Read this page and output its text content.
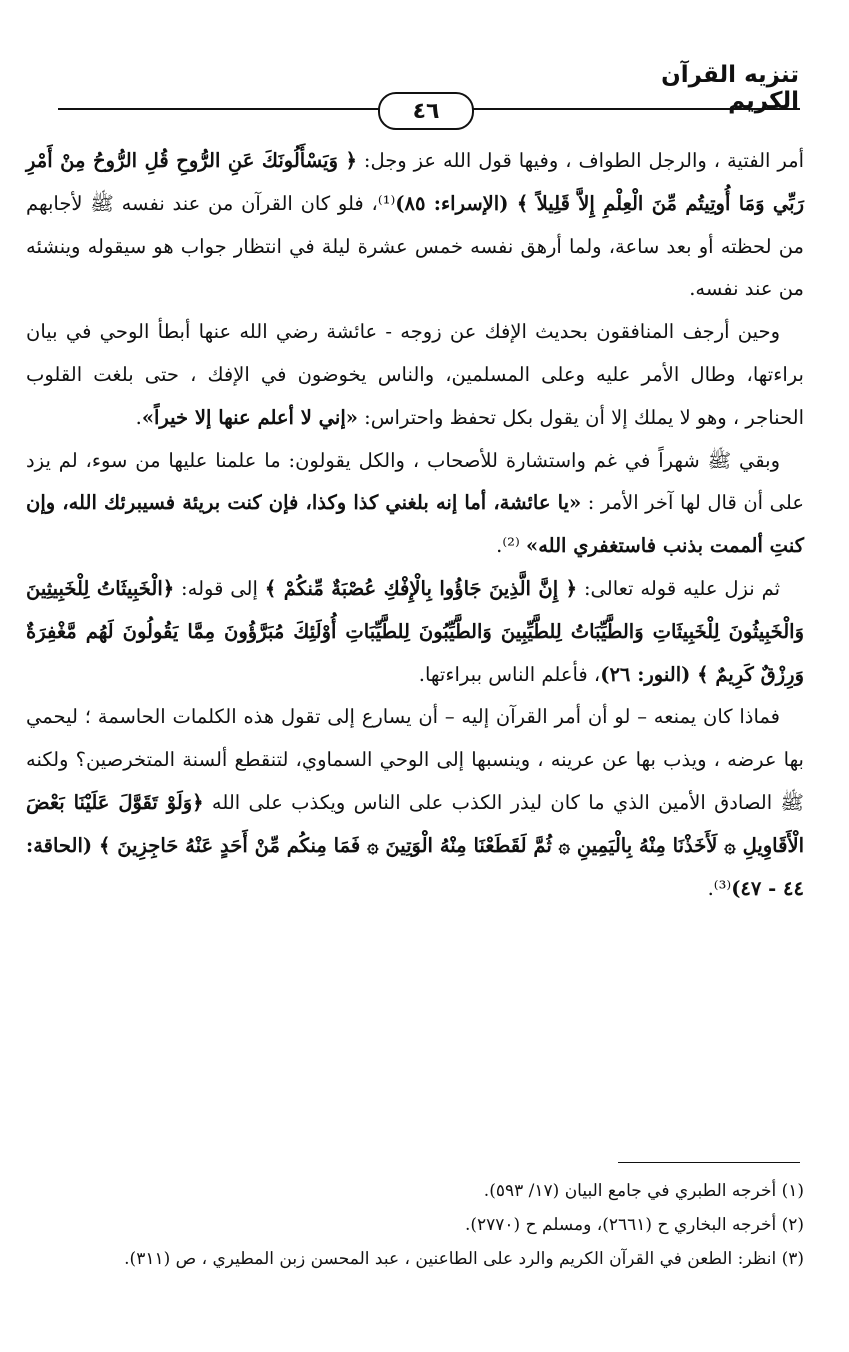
تنزيه القرآن الكريم
٤٦

أمر الفتية ، والرجل الطواف ، وفيها قول الله عز وجل: ﴿ وَيَسْأَلُونَكَ عَنِ الرُّوحِ قُلِ الرُّوحُ مِنْ أَمْرِ رَبِّي وَمَا أُوتِيتُم مِّنَ الْعِلْمِ إِلاَّ قَلِيلاً ﴾ (الإسراء: ٨٥)⁽¹⁾، فلو كان القرآن من عند نفسه ﷺ لأجابهم من لحظته أو بعد ساعة، ولما أرهق نفسه خمس عشرة ليلة في انتظار جواب هو سيقوله وينشئه من عند نفسه.

وحين أرجف المنافقون بحديث الإفك عن زوجه - عائشة رضي الله عنها أبطأ الوحي في بيان براءتها، وطال الأمر عليه وعلى المسلمين، والناس يخوضون في الإفك ، حتى بلغت القلوب الحناجر ، وهو لا يملك إلا أن يقول بكل تحفظ واحتراس: «إني لا أعلم عنها إلا خيراً».

وبقي ﷺ شهراً في غم واستشارة للأصحاب ، والكل يقولون: ما علمنا عليها من سوء، لم يزد على أن قال لها آخر الأمر : «يا عائشة، أما إنه بلغني كذا وكذا، فإن كنت بريئة فسيبرئك الله، وإن كنتِ ألممت بذنب فاستغفري الله» ⁽²⁾.

ثم نزل عليه قوله تعالى: ﴿ إِنَّ الَّذِينَ جَاؤُوا بِالْإِفْكِ عُصْبَةٌ مِّنكُمْ ﴾ إلى قوله: ﴿الْخَبِيثَاتُ لِلْخَبِيثِينَ وَالْخَبِيثُونَ لِلْخَبِيثَاتِ وَالطَّيِّبَاتُ لِلطَّيِّبِينَ وَالطَّيِّبُونَ لِلطَّيِّبَاتِ أُوْلَئِكَ مُبَرَّؤُونَ مِمَّا يَقُولُونَ لَهُم مَّغْفِرَةٌ وَرِزْقٌ كَرِيمٌ ﴾ (النور: ٢٦)، فأعلم الناس ببراءتها.

فماذا كان يمنعه – لو أن أمر القرآن إليه – أن يسارع إلى تقول هذه الكلمات الحاسمة ؛ ليحمي بها عرضه ، ويذب بها عن عرينه ، وينسبها إلى الوحي السماوي، لتنقطع ألسنة المتخرصين؟ ولكنه ﷺ الصادق الأمين الذي ما كان ليذر الكذب على الناس ويكذب على الله ﴿وَلَوْ تَقَوَّلَ عَلَيْنَا بَعْضَ الْأَقَاوِيلِ ۞ لَأَخَذْنَا مِنْهُ بِالْيَمِينِ ۞ ثُمَّ لَقَطَعْنَا مِنْهُ الْوَتِينَ ۞ فَمَا مِنكُم مِّنْ أَحَدٍ عَنْهُ حَاجِزِينَ ﴾ (الحاقة: ٤٤ - ٤٧)⁽³⁾.

(١) أخرجه الطبري في جامع البيان (١٧/ ٥٩٣).
(٢) أخرجه البخاري ح (٢٦٦١)، ومسلم ح (٢٧٧٠).
(٣) انظر: الطعن في القرآن الكريم والرد على الطاعنين ، عبد المحسن زبن المطيري ، ص (٣١١).
